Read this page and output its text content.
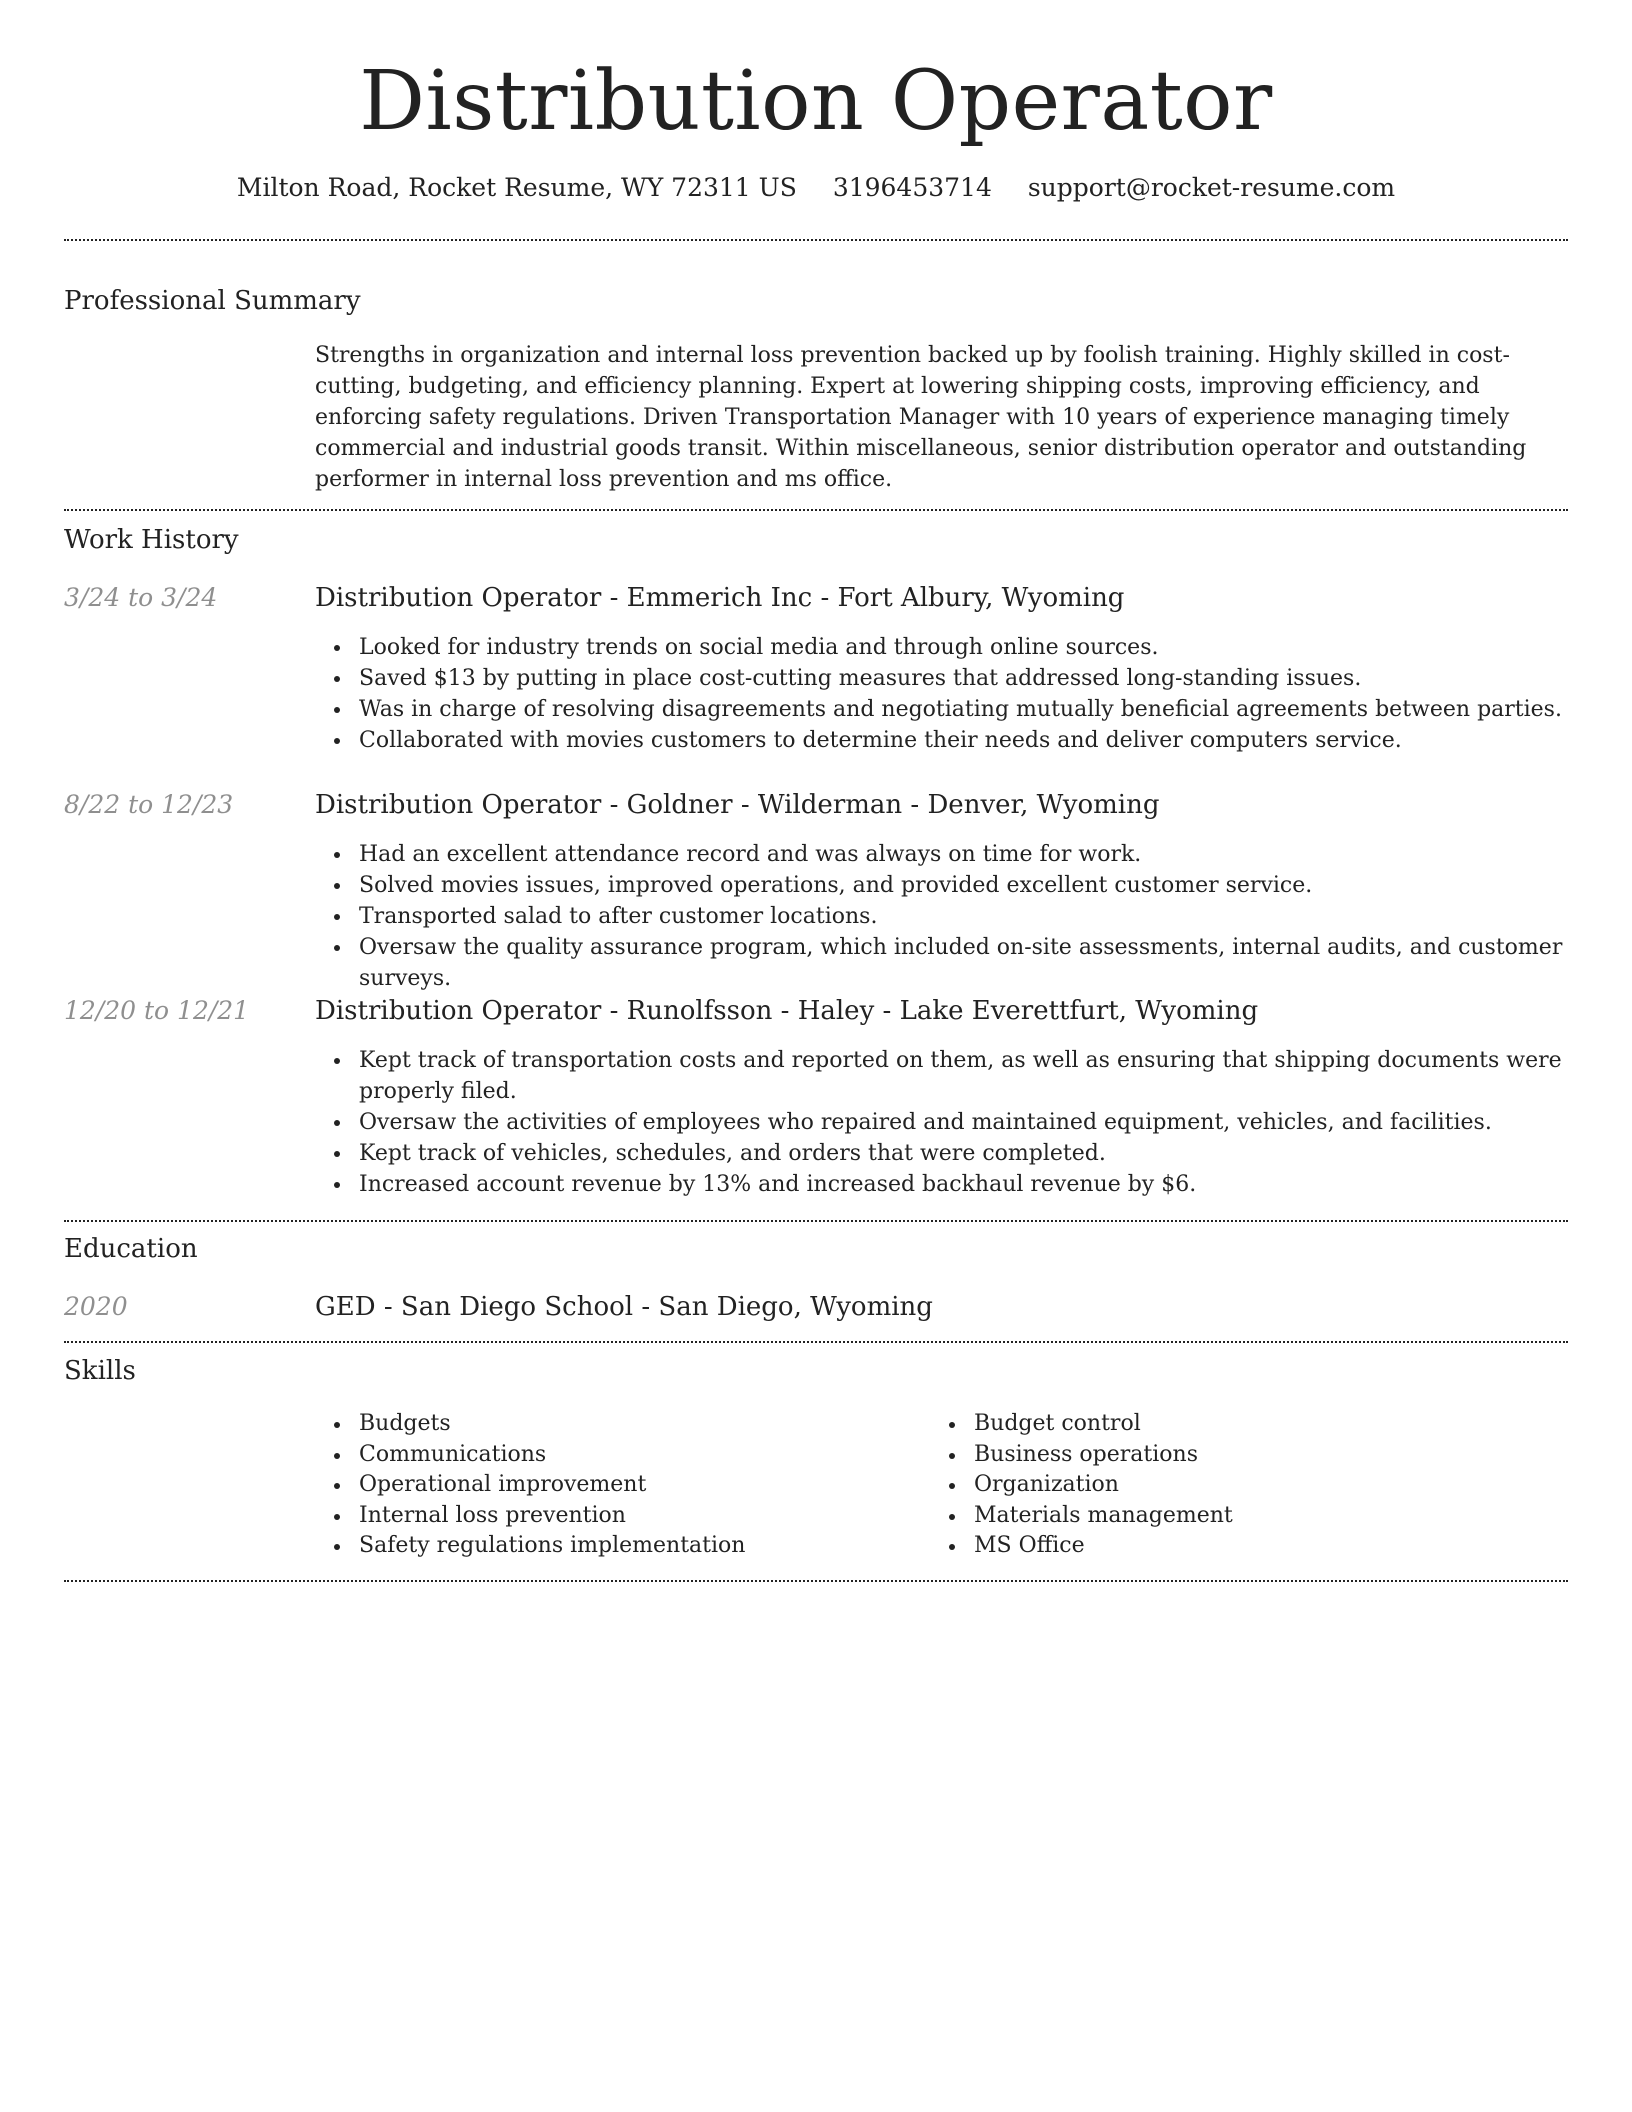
Distribution Operator
Milton Road, Rocket Resume, WY 72311 US 3196453714 support@rocket-resume.com
Professional Summary
Strengths in organization and internal loss prevention backed up by foolish training. Highly skilled in cost-cutting, budgeting, and efficiency planning. Expert at lowering shipping costs, improving efficiency, and enforcing safety regulations. Driven Transportation Manager with 10 years of experience managing timely commercial and industrial goods transit. Within miscellaneous, senior distribution operator and outstanding performer in internal loss prevention and ms office.
Work History
3/24 to 3/24	Distribution Operator - Emmerich Inc - Fort Albury, Wyoming
Looked for industry trends on social media and through online sources.
Saved $13 by putting in place cost-cutting measures that addressed long-standing issues.
Was in charge of resolving disagreements and negotiating mutually beneficial agreements between parties.
Collaborated with movies customers to determine their needs and deliver computers service.
8/22 to 12/23	Distribution Operator - Goldner - Wilderman - Denver, Wyoming
Had an excellent attendance record and was always on time for work.
Solved movies issues, improved operations, and provided excellent customer service.
Transported salad to after customer locations.
Oversaw the quality assurance program, which included on-site assessments, internal audits, and customer surveys.
12/20 to 12/21	Distribution Operator - Runolfsson - Haley - Lake Everettfurt, Wyoming
Kept track of transportation costs and reported on them, as well as ensuring that shipping documents were properly filed.
Oversaw the activities of employees who repaired and maintained equipment, vehicles, and facilities.
Kept track of vehicles, schedules, and orders that were completed.
Increased account revenue by 13% and increased backhaul revenue by $6.
Education
2020	GED - San Diego School - San Diego, Wyoming
Skills
Budgets
Communications
Operational improvement
Internal loss prevention
Safety regulations implementation
Budget control
Business operations
Organization
Materials management
MS Office
